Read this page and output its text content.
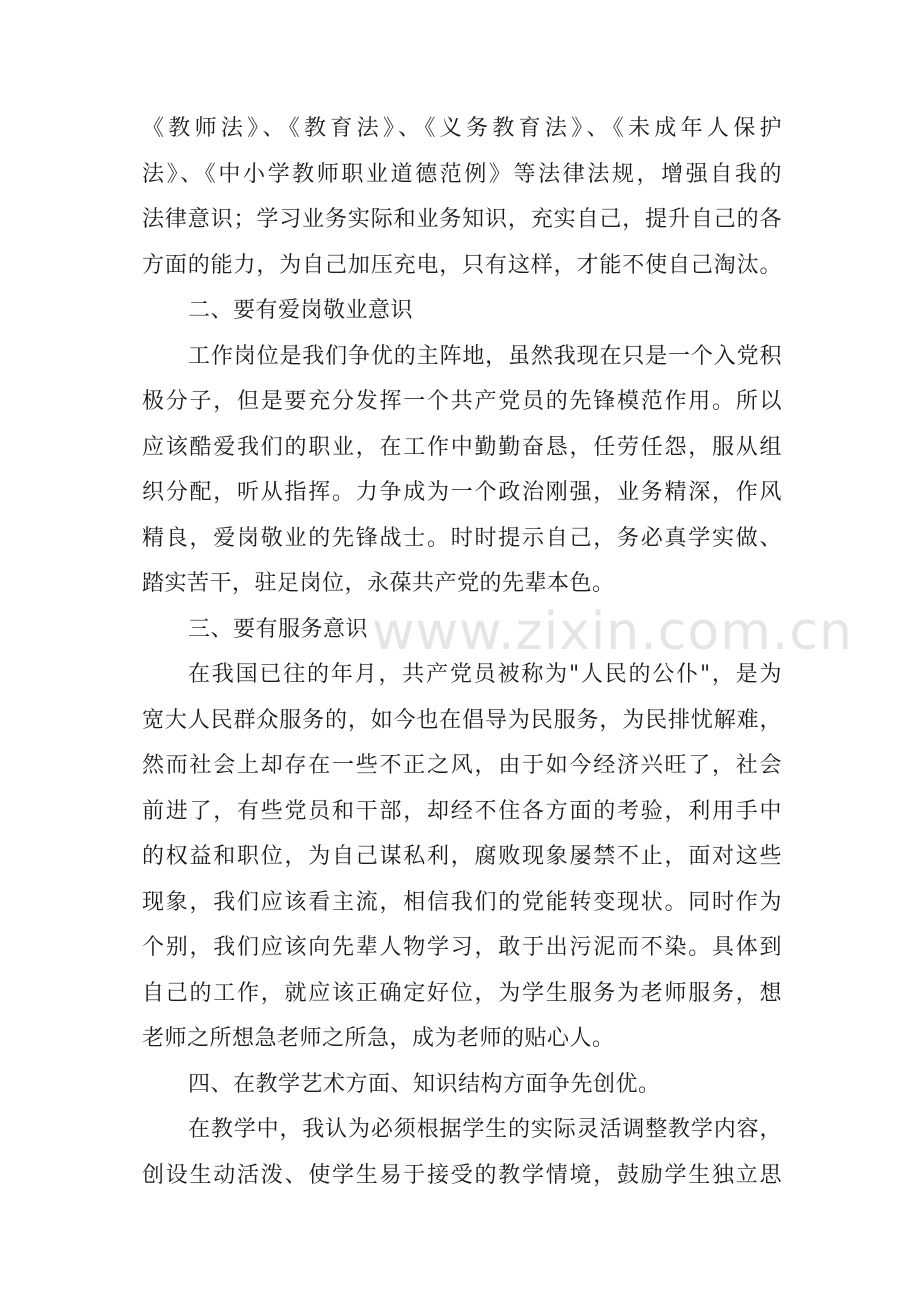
《教师法》、《教育法》、《义务教育法》、《未成年人保护
法》、《中小学教师职业道德范例》等法律法规，增强自我的
法律意识；学习业务实际和业务知识，充实自己，提升自己的各
方面的能力，为自己加压充电，只有这样，才能不使自己淘汰。
二、要有爱岗敬业意识
工作岗位是我们争优的主阵地，虽然我现在只是一个入党积
极分子，但是要充分发挥一个共产党员的先锋模范作用。所以
应该酷爱我们的职业，在工作中勤勤奋恳，任劳任怨，服从组
织分配，听从指挥。力争成为一个政治刚强，业务精深，作风
精良，爱岗敬业的先锋战士。时时提示自己，务必真学实做、
踏实苦干，驻足岗位，永葆共产党的先辈本色。
三、要有服务意识
在我国已往的年月，共产党员被称为"人民的公仆"，是为
宽大人民群众服务的，如今也在倡导为民服务，为民排忧解难，
然而社会上却存在一些不正之风，由于如今经济兴旺了，社会
前进了，有些党员和干部，却经不住各方面的考验，利用手中
的权益和职位，为自己谋私利，腐败现象屡禁不止，面对这些
现象，我们应该看主流，相信我们的党能转变现状。同时作为
个别，我们应该向先辈人物学习，敢于出污泥而不染。具体到
自己的工作，就应该正确定好位，为学生服务为老师服务，想
老师之所想急老师之所急，成为老师的贴心人。
四、在教学艺术方面、知识结构方面争先创优。
在教学中，我认为必须根据学生的实际灵活调整教学内容，
创设生动活泼、使学生易于接受的教学情境，鼓励学生独立思
www.zixin.com.cn
